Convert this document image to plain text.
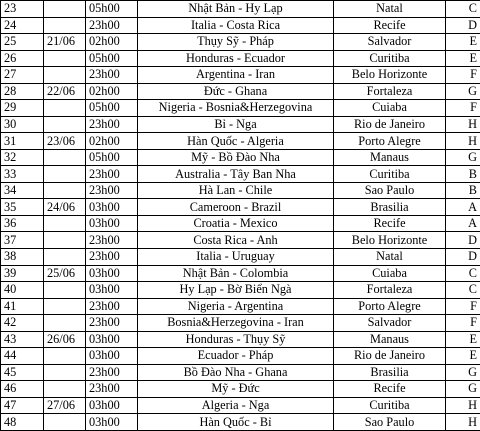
23		05h00	Nhật Bản - Hy Lạp	Natal	C
24		23h00	Italia - Costa Rica	Recife	D
25	21/06	02h00	Thụy Sỹ - Pháp	Salvador	E
26		05h00	Honduras - Ecuador	Curitiba	E
27		23h00	Argentina - Iran	Belo Horizonte	F
28	22/06	02h00	Đức - Ghana	Fortaleza	G
29		05h00	Nigeria - Bosnia&Herzegovina	Cuiaba	F
30		23h00	Bỉ - Nga	Rio de Janeiro	H
31	23/06	02h00	Hàn Quốc - Algeria	Porto Alegre	H
32		05h00	Mỹ - Bồ Đào Nha	Manaus	G
33		23h00	Australia - Tây Ban Nha	Curitiba	B
34		23h00	Hà Lan - Chile	Sao Paulo	B
35	24/06	03h00	Cameroon - Brazil	Brasilia	A
36		03h00	Croatia - Mexico	Recife	A
37		23h00	Costa Rica - Anh	Belo Horizonte	D
38		23h00	Italia - Uruguay	Natal	D
39	25/06	03h00	Nhật Bản - Colombia	Cuiaba	C
40		03h00	Hy Lạp - Bờ Biển Ngà	Fortaleza	C
41		23h00	Nigeria - Argentina	Porto Alegre	F
42		23h00	Bosnia&Herzegovina - Iran	Salvador	F
43	26/06	03h00	Honduras - Thụy Sỹ	Manaus	E
44		03h00	Ecuador - Pháp	Rio de Janeiro	E
45		23h00	Bồ Đào Nha - Ghana	Brasilia	G
46		23h00	Mỹ - Đức	Recife	G
47	27/06	03h00	Algeria - Nga	Curitiba	H
48		03h00	Hàn Quốc - Bỉ	Sao Paulo	H
